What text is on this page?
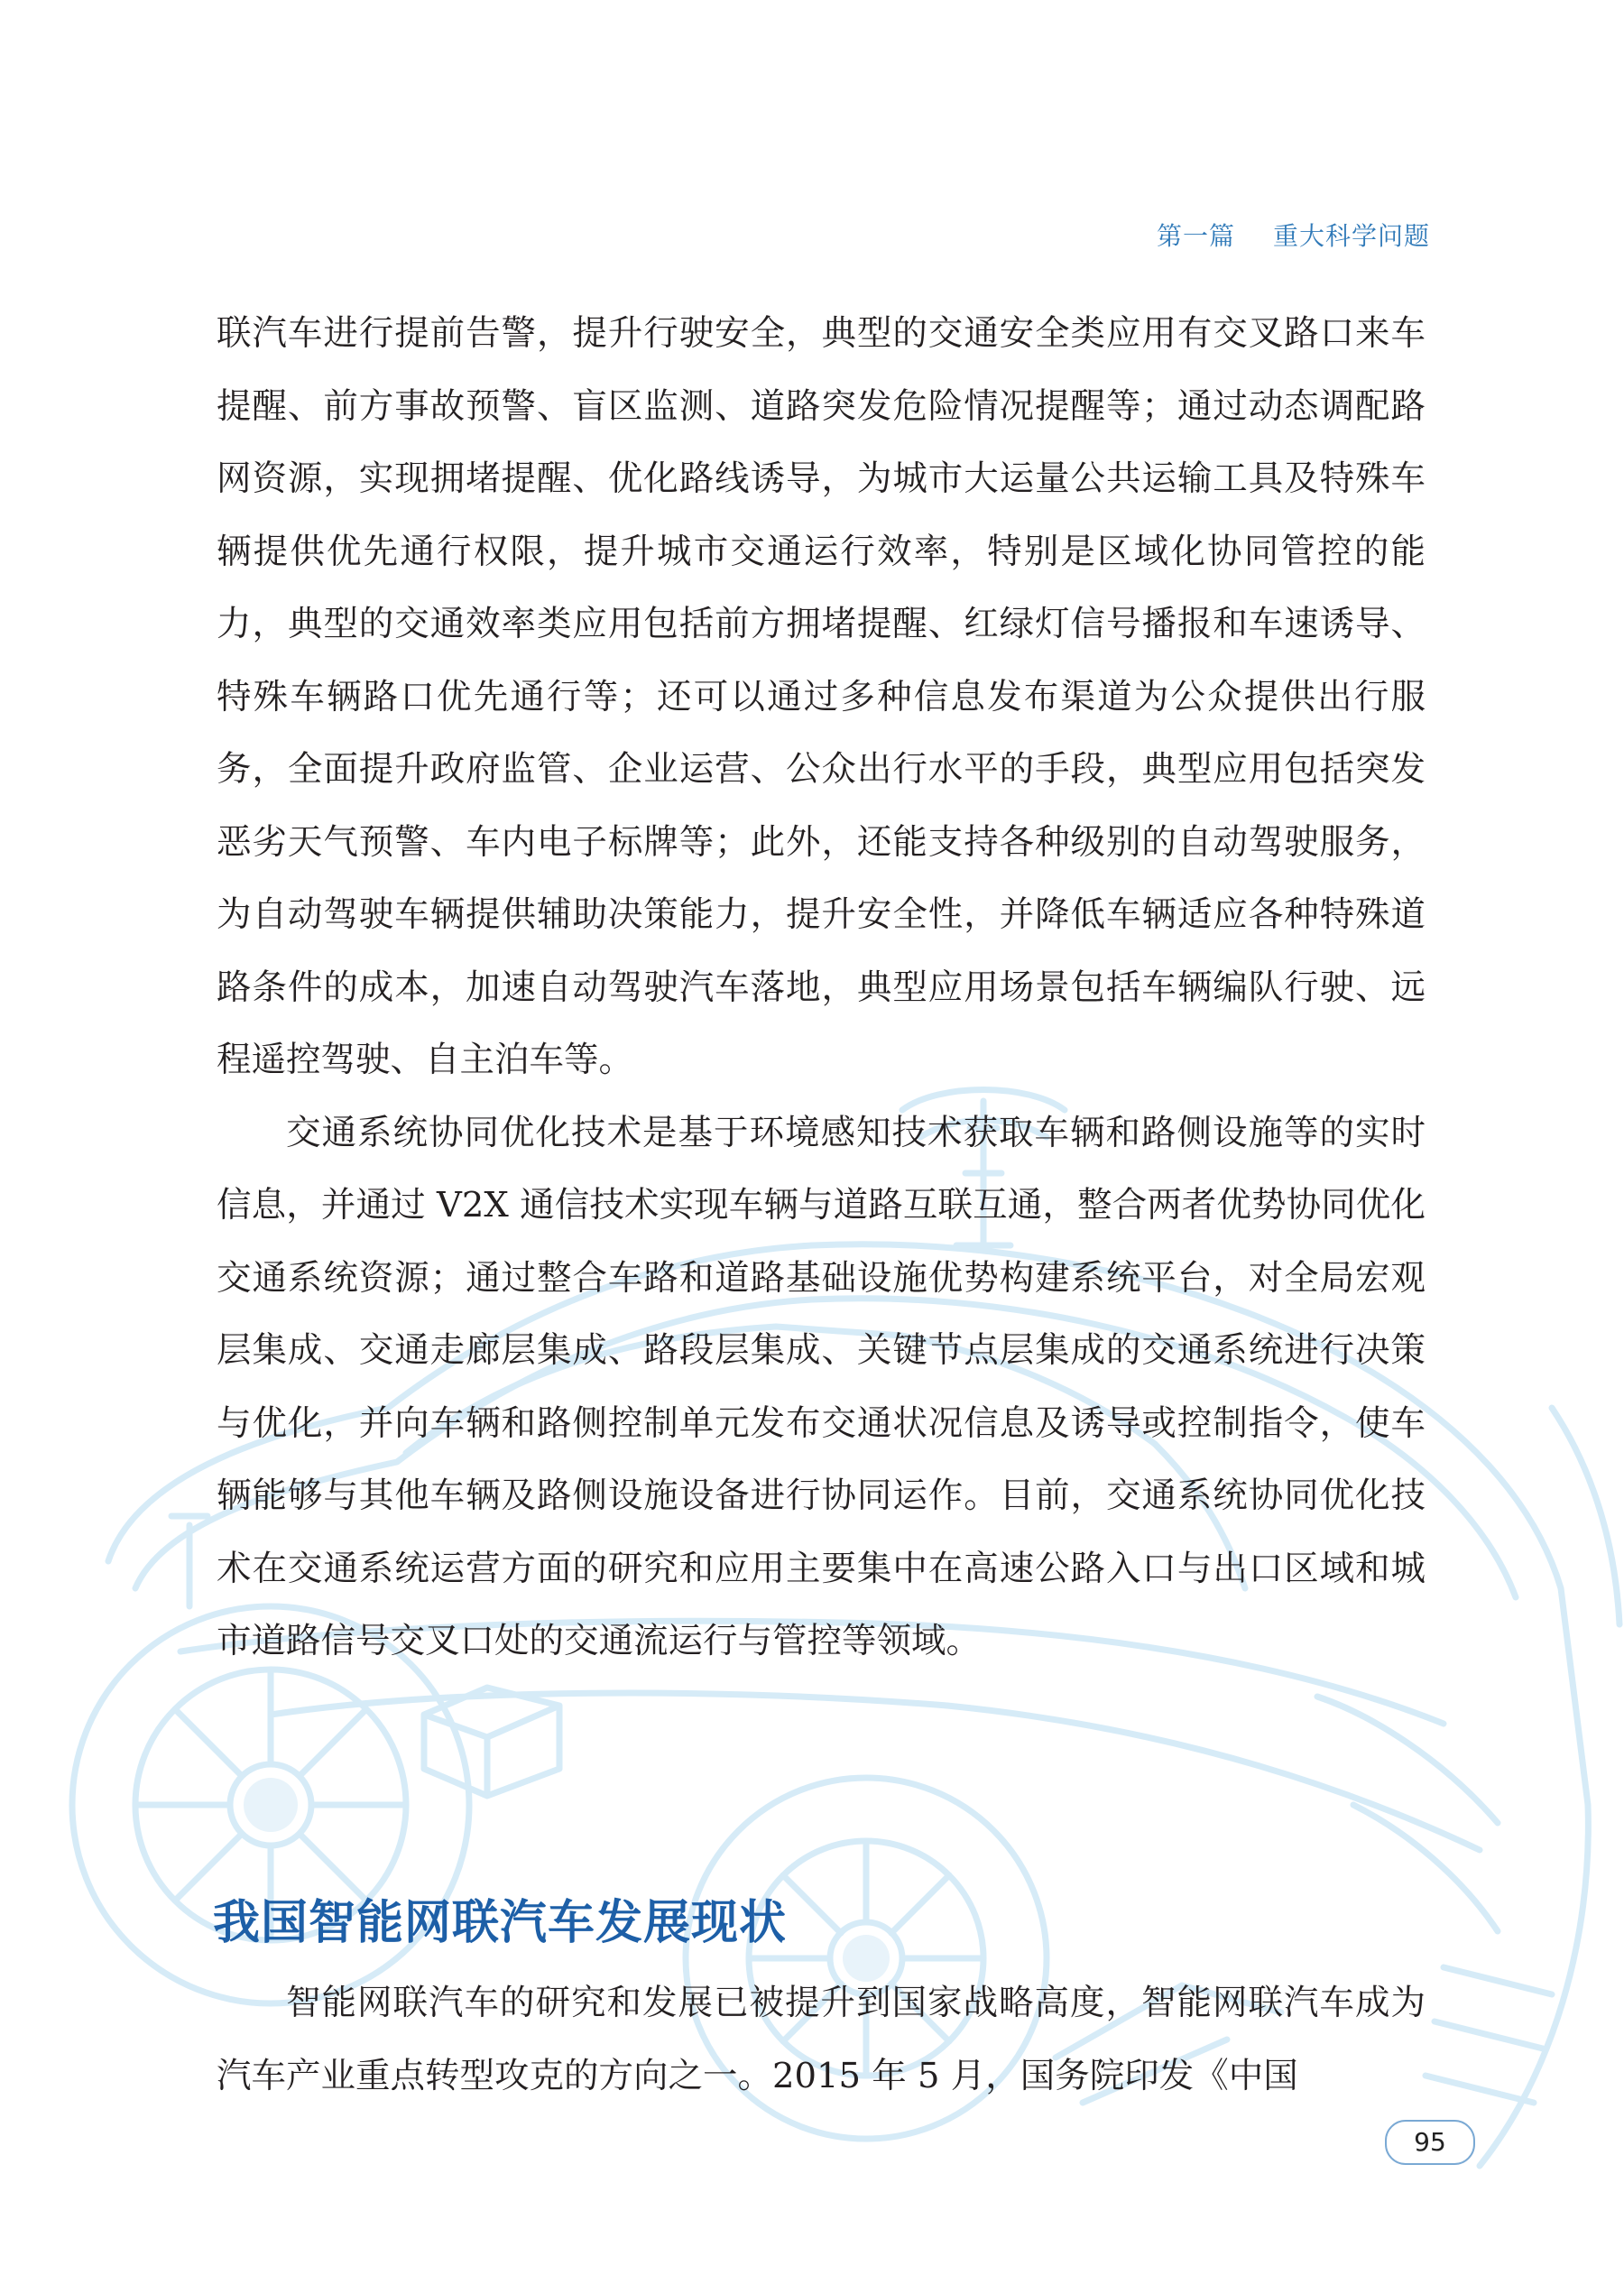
第一篇 重大科学问题

联汽车进行提前告警，提升行驶安全，典型的交通安全类应用有交叉路口来车提醒、前方事故预警、盲区监测、道路突发危险情况提醒等；通过动态调配路网资源，实现拥堵提醒、优化路线诱导，为城市大运量公共运输工具及特殊车辆提供优先通行权限，提升城市交通运行效率，特别是区域化协同管控的能力，典型的交通效率类应用包括前方拥堵提醒、红绿灯信号播报和车速诱导、特殊车辆路口优先通行等；还可以通过多种信息发布渠道为公众提供出行服务，全面提升政府监管、企业运营、公众出行水平的手段，典型应用包括突发恶劣天气预警、车内电子标牌等；此外，还能支持各种级别的自动驾驶服务，为自动驾驶车辆提供辅助决策能力，提升安全性，并降低车辆适应各种特殊道路条件的成本，加速自动驾驶汽车落地，典型应用场景包括车辆编队行驶、远程遥控驾驶、自主泊车等。

交通系统协同优化技术是基于环境感知技术获取车辆和路侧设施等的实时信息，并通过 V2X 通信技术实现车辆与道路互联互通，整合两者优势协同优化交通系统资源；通过整合车路和道路基础设施优势构建系统平台，对全局宏观层集成、交通走廊层集成、路段层集成、关键节点层集成的交通系统进行决策与优化，并向车辆和路侧控制单元发布交通状况信息及诱导或控制指令，使车辆能够与其他车辆及路侧设施设备进行协同运作。目前，交通系统协同优化技术在交通系统运营方面的研究和应用主要集中在高速公路入口与出口区域和城市道路信号交叉口处的交通流运行与管控等领域。

我国智能网联汽车发展现状

智能网联汽车的研究和发展已被提升到国家战略高度，智能网联汽车成为汽车产业重点转型攻克的方向之一。2015 年 5 月，国务院印发《中国

95
